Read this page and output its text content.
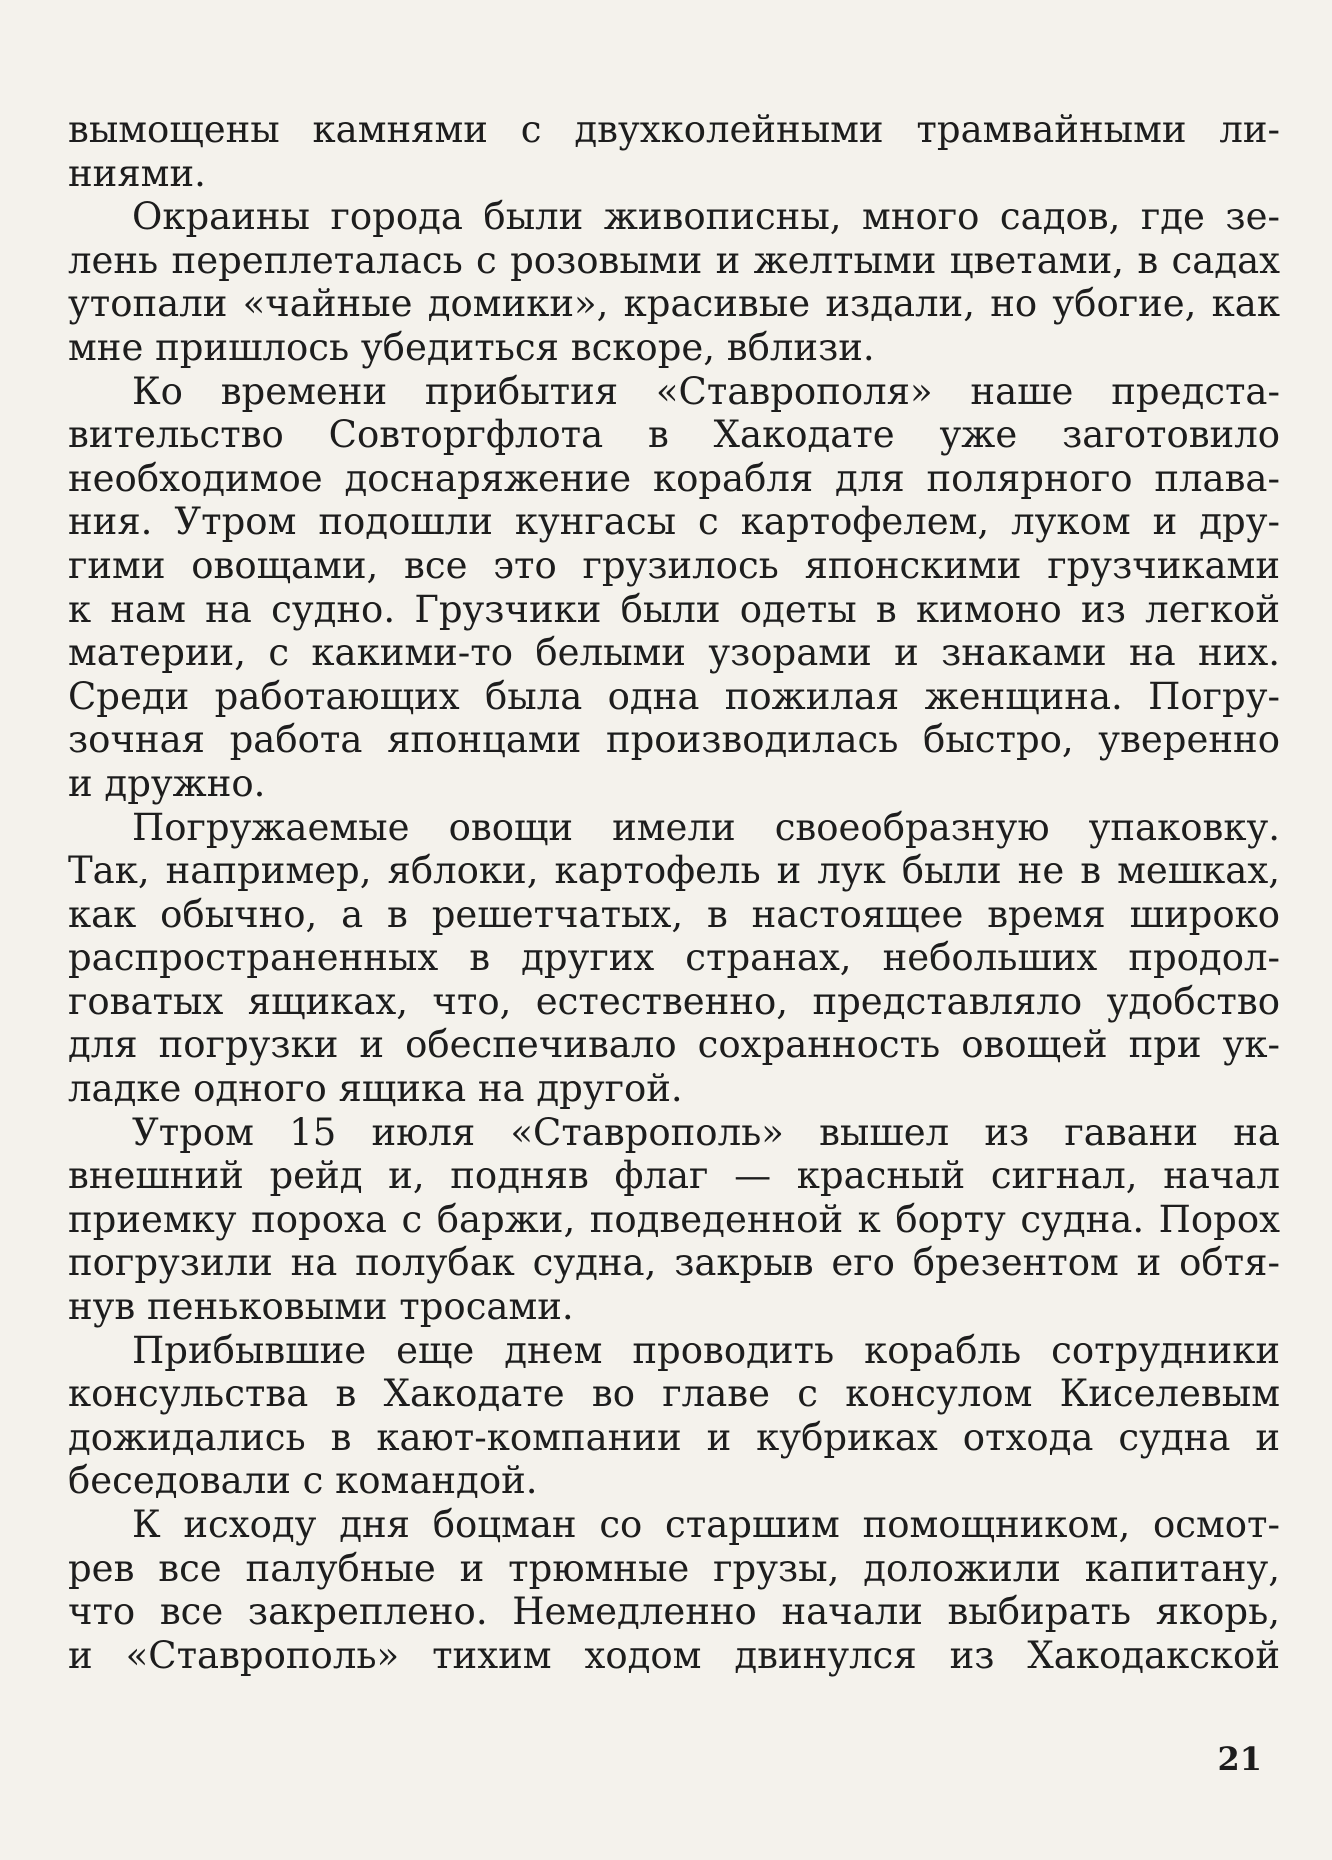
вымощены камнями с двухколейными трамвайными ли-
ниями.
Окраины города были живописны, много садов, где зе-
лень переплеталась с розовыми и желтыми цветами, в садах
утопали «чайные домики», красивые издали, но убогие, как
мне пришлось убедиться вскоре, вблизи.
Ко времени прибытия «Ставрополя» наше предста-
вительство Совторгфлота в Хакодате уже заготовило
необходимое доснаряжение корабля для полярного плава-
ния. Утром подошли кунгасы с картофелем, луком и дру-
гими овощами, все это грузилось японскими грузчиками
к нам на судно. Грузчики были одеты в кимоно из легкой
материи, с какими-то белыми узорами и знаками на них.
Среди работающих была одна пожилая женщина. Погру-
зочная работа японцами производилась быстро, уверенно
и дружно.
Погружаемые овощи имели своеобразную упаковку.
Так, например, яблоки, картофель и лук были не в мешках,
как обычно, а в решетчатых, в настоящее время широко
распространенных в других странах, небольших продол-
говатых ящиках, что, естественно, представляло удобство
для погрузки и обеспечивало сохранность овощей при ук-
ладке одного ящика на другой.
Утром 15 июля «Ставрополь» вышел из гавани на
внешний рейд и, подняв флаг — красный сигнал, начал
приемку пороха с баржи, подведенной к борту судна. Порох
погрузили на полубак судна, закрыв его брезентом и обтя-
нув пеньковыми тросами.
Прибывшие еще днем проводить корабль сотрудники
консульства в Хакодате во главе с консулом Киселевым
дожидались в кают-компании и кубриках отхода судна и
беседовали с командой.
К исходу дня боцман со старшим помощником, осмот-
рев все палубные и трюмные грузы, доложили капитану,
что все закреплено. Немедленно начали выбирать якорь,
и «Ставрополь» тихим ходом двинулся из Хакодакской
21
